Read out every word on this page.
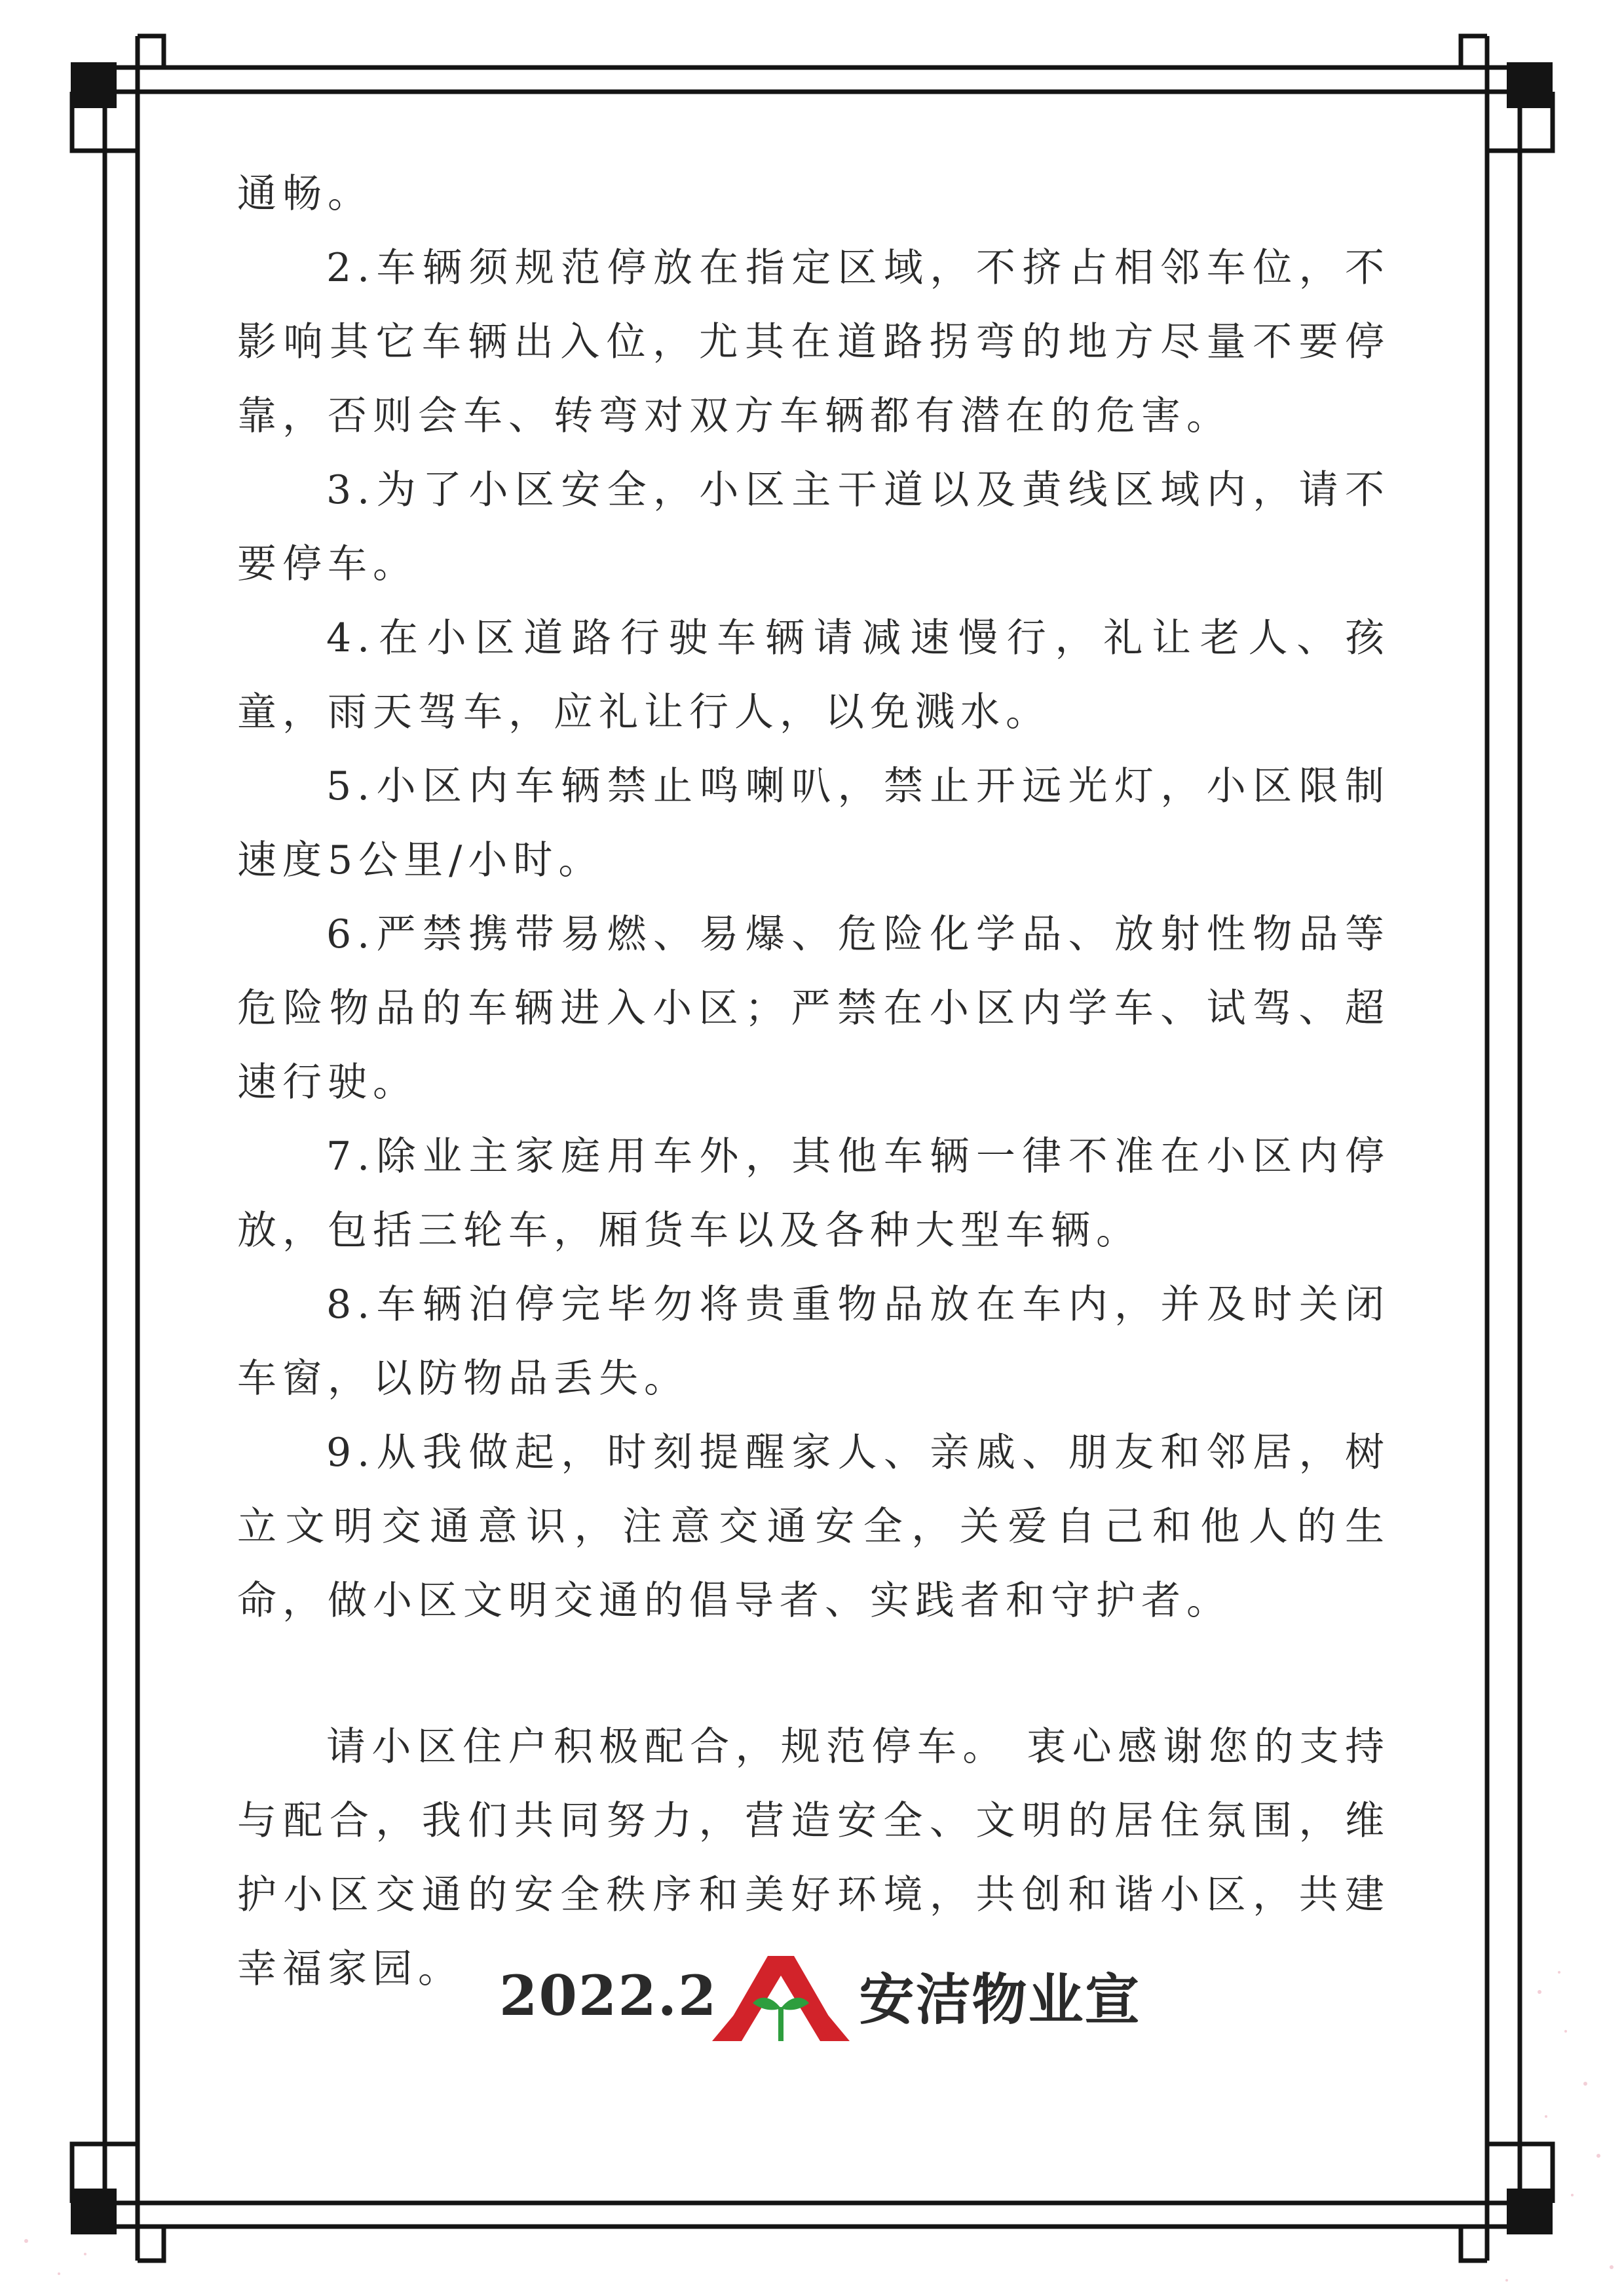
通畅。

2.车辆须规范停放在指定区域，不挤占相邻车位，不影响其它车辆出入位，尤其在道路拐弯的地方尽量不要停靠，否则会车、转弯对双方车辆都有潜在的危害。

3.为了小区安全，小区主干道以及黄线区域内，请不要停车。

4.在小区道路行驶车辆请减速慢行，礼让老人、孩童，雨天驾车，应礼让行人，以免溅水。

5.小区内车辆禁止鸣喇叭，禁止开远光灯，小区限制速度5公里/小时。

6.严禁携带易燃、易爆、危险化学品、放射性物品等危险物品的车辆进入小区；严禁在小区内学车、试驾、超速行驶。

7.除业主家庭用车外，其他车辆一律不准在小区内停放，包括三轮车，厢货车以及各种大型车辆。

8.车辆泊停完毕勿将贵重物品放在车内，并及时关闭车窗，以防物品丢失。

9.从我做起，时刻提醒家人、亲戚、朋友和邻居，树立文明交通意识，注意交通安全，关爱自己和他人的生命，做小区文明交通的倡导者、实践者和守护者。

请小区住户积极配合，规范停车。 衷心感谢您的支持与配合，我们共同努力，营造安全、文明的居住氛围，维护小区交通的安全秩序和美好环境，共创和谐小区，共建幸福家园。 2022.2	安洁物业宣
